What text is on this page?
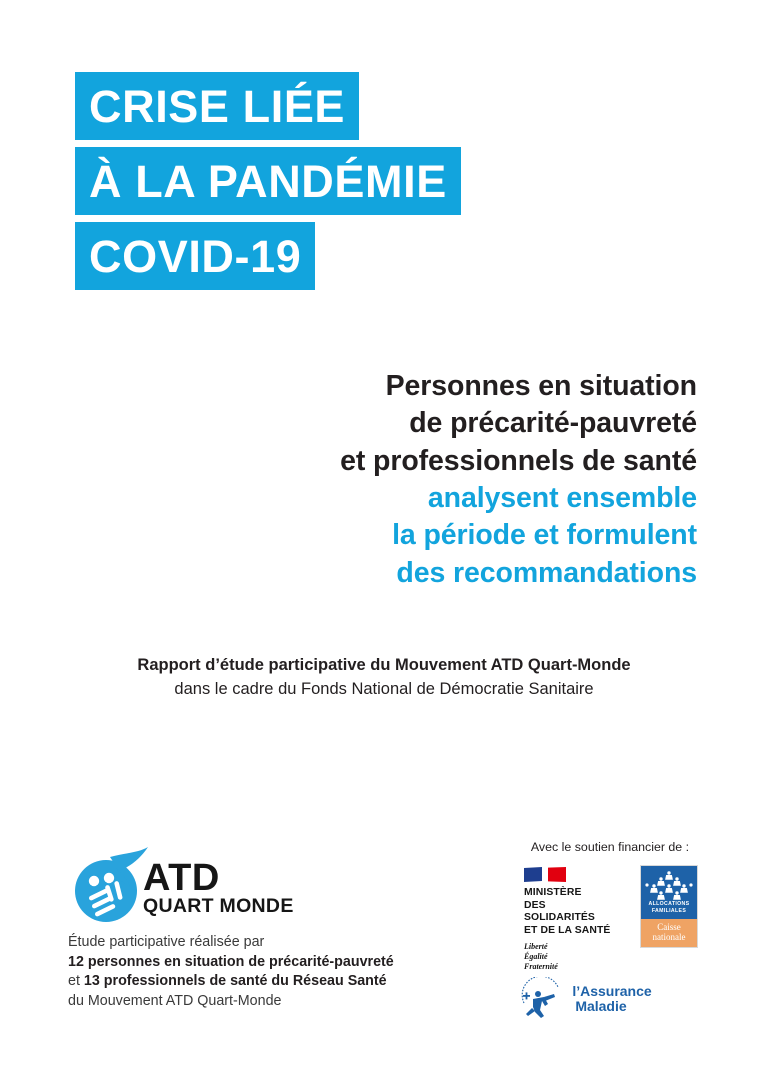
CRISE LIÉE
À LA PANDÉMIE
COVID-19
Personnes en situation
de précarité-pauvreté
et professionnels de santé
analysent ensemble
la période et formulent
des recommandations
Rapport d’étude participative du Mouvement ATD Quart-Monde
dans le cadre du Fonds National de Démocratie Sanitaire
ATD
QUART MONDE
Étude participative réalisée par
12 personnes en situation de précarité-pauvreté
et 13 professionnels de santé du Réseau Santé
du Mouvement ATD Quart-Monde
Avec le soutien financier de :
MINISTÈRE
DES SOLIDARITÉS
ET DE LA SANTÉ
Liberté
Égalité
Fraternité
ALLOCATIONS
FAMILIALES
Caisse
nationale
l’Assurance
Maladie
